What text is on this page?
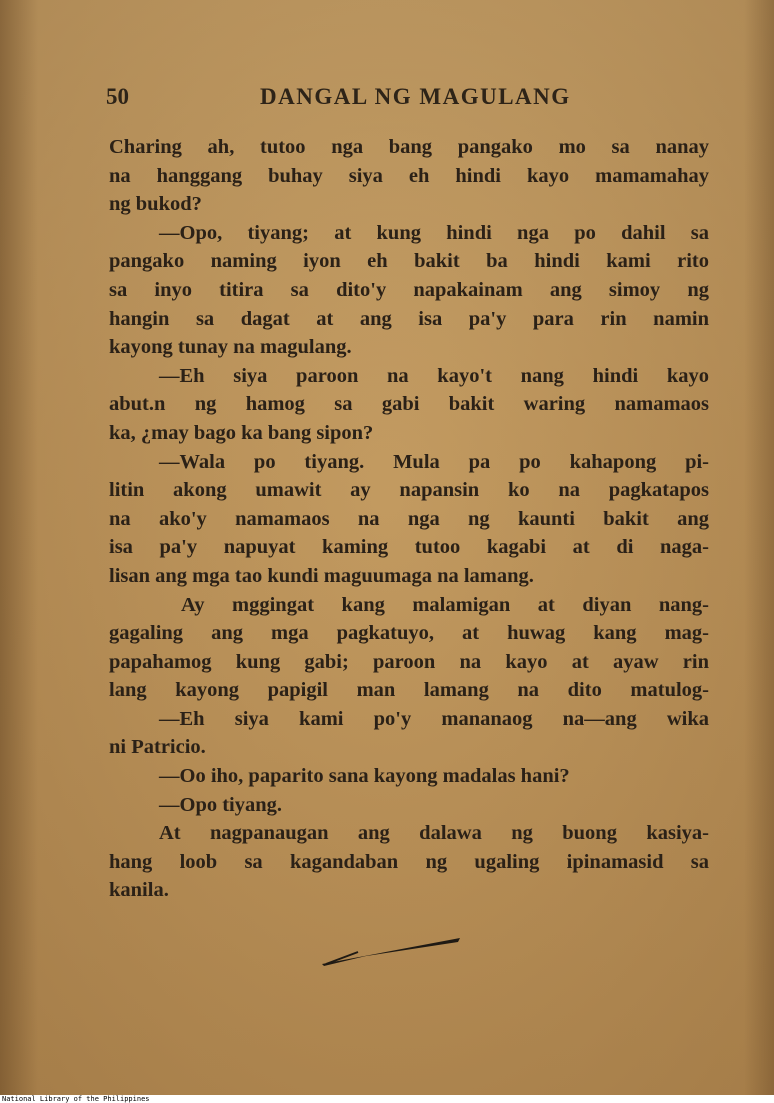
50	DANGAL NG MAGULANG
Charing ah, tutoo nga bang pangako mo sa nanay
na hanggang buhay siya eh hindi kayo mamamahay
ng bukod?
—Opo, tiyang; at kung hindi nga po dahil sa
pangako naming iyon eh bakit ba hindi kami rito
sa inyo titira sa dito'y napakainam ang simoy ng
hangin sa dagat at ang isa pa'y para rin namin
kayong tunay na magulang.
—Eh siya paroon na kayo't nang hindi kayo
abut.n ng hamog sa gabi bakit waring namamaos
ka, ¿may bago ka bang sipon?
—Wala po tiyang. Mula pa po kahapong pi-
litin akong umawit ay napansin ko na pagkatapos
na ako'y namamaos na nga ng kaunti bakit ang
isa pa'y napuyat kaming tutoo kagabi at di naga-
lisan ang mga tao kundi maguumaga na lamang.
Ay mggingat kang malamigan at diyan nang-
gagaling ang mga pagkatuyo, at huwag kang mag-
papahamog kung gabi; paroon na kayo at ayaw rin
lang kayong papigil man lamang na dito matulog-
—Eh siya kami po'y mananaog na—ang wika
ni Patricio.
—Oo iho, paparito sana kayong madalas hani?
—Opo tiyang.
At nagpanaugan ang dalawa ng buong kasiya-
hang loob sa kagandaban ng ugaling ipinamasid sa
kanila.
National Library of the Philippines
